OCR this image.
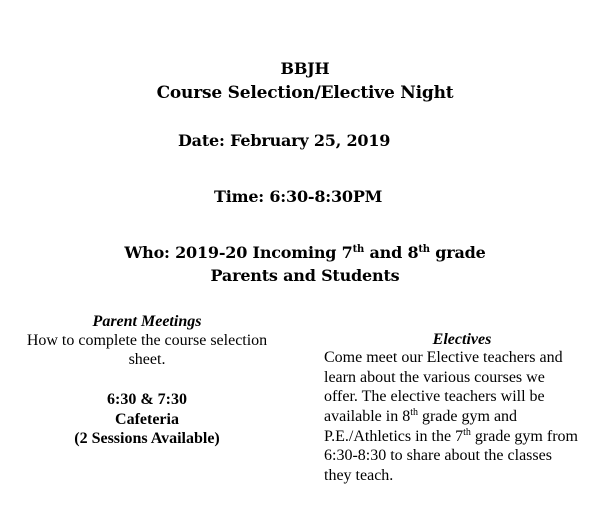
BBJH
Course Selection/Elective Night
Date: February 25, 2019
Time: 6:30-8:30PM
Who: 2019-20 Incoming 7th and 8th grade
Parents and Students
Parent Meetings
How to complete the course selection
sheet.
6:30 & 7:30
Cafeteria
(2 Sessions Available)
Electives
Come meet our Elective teachers and
learn about the various courses we
offer. The elective teachers will be
available in 8th grade gym and
P.E./Athletics in the 7th grade gym from
6:30-8:30 to share about the classes
they teach.
